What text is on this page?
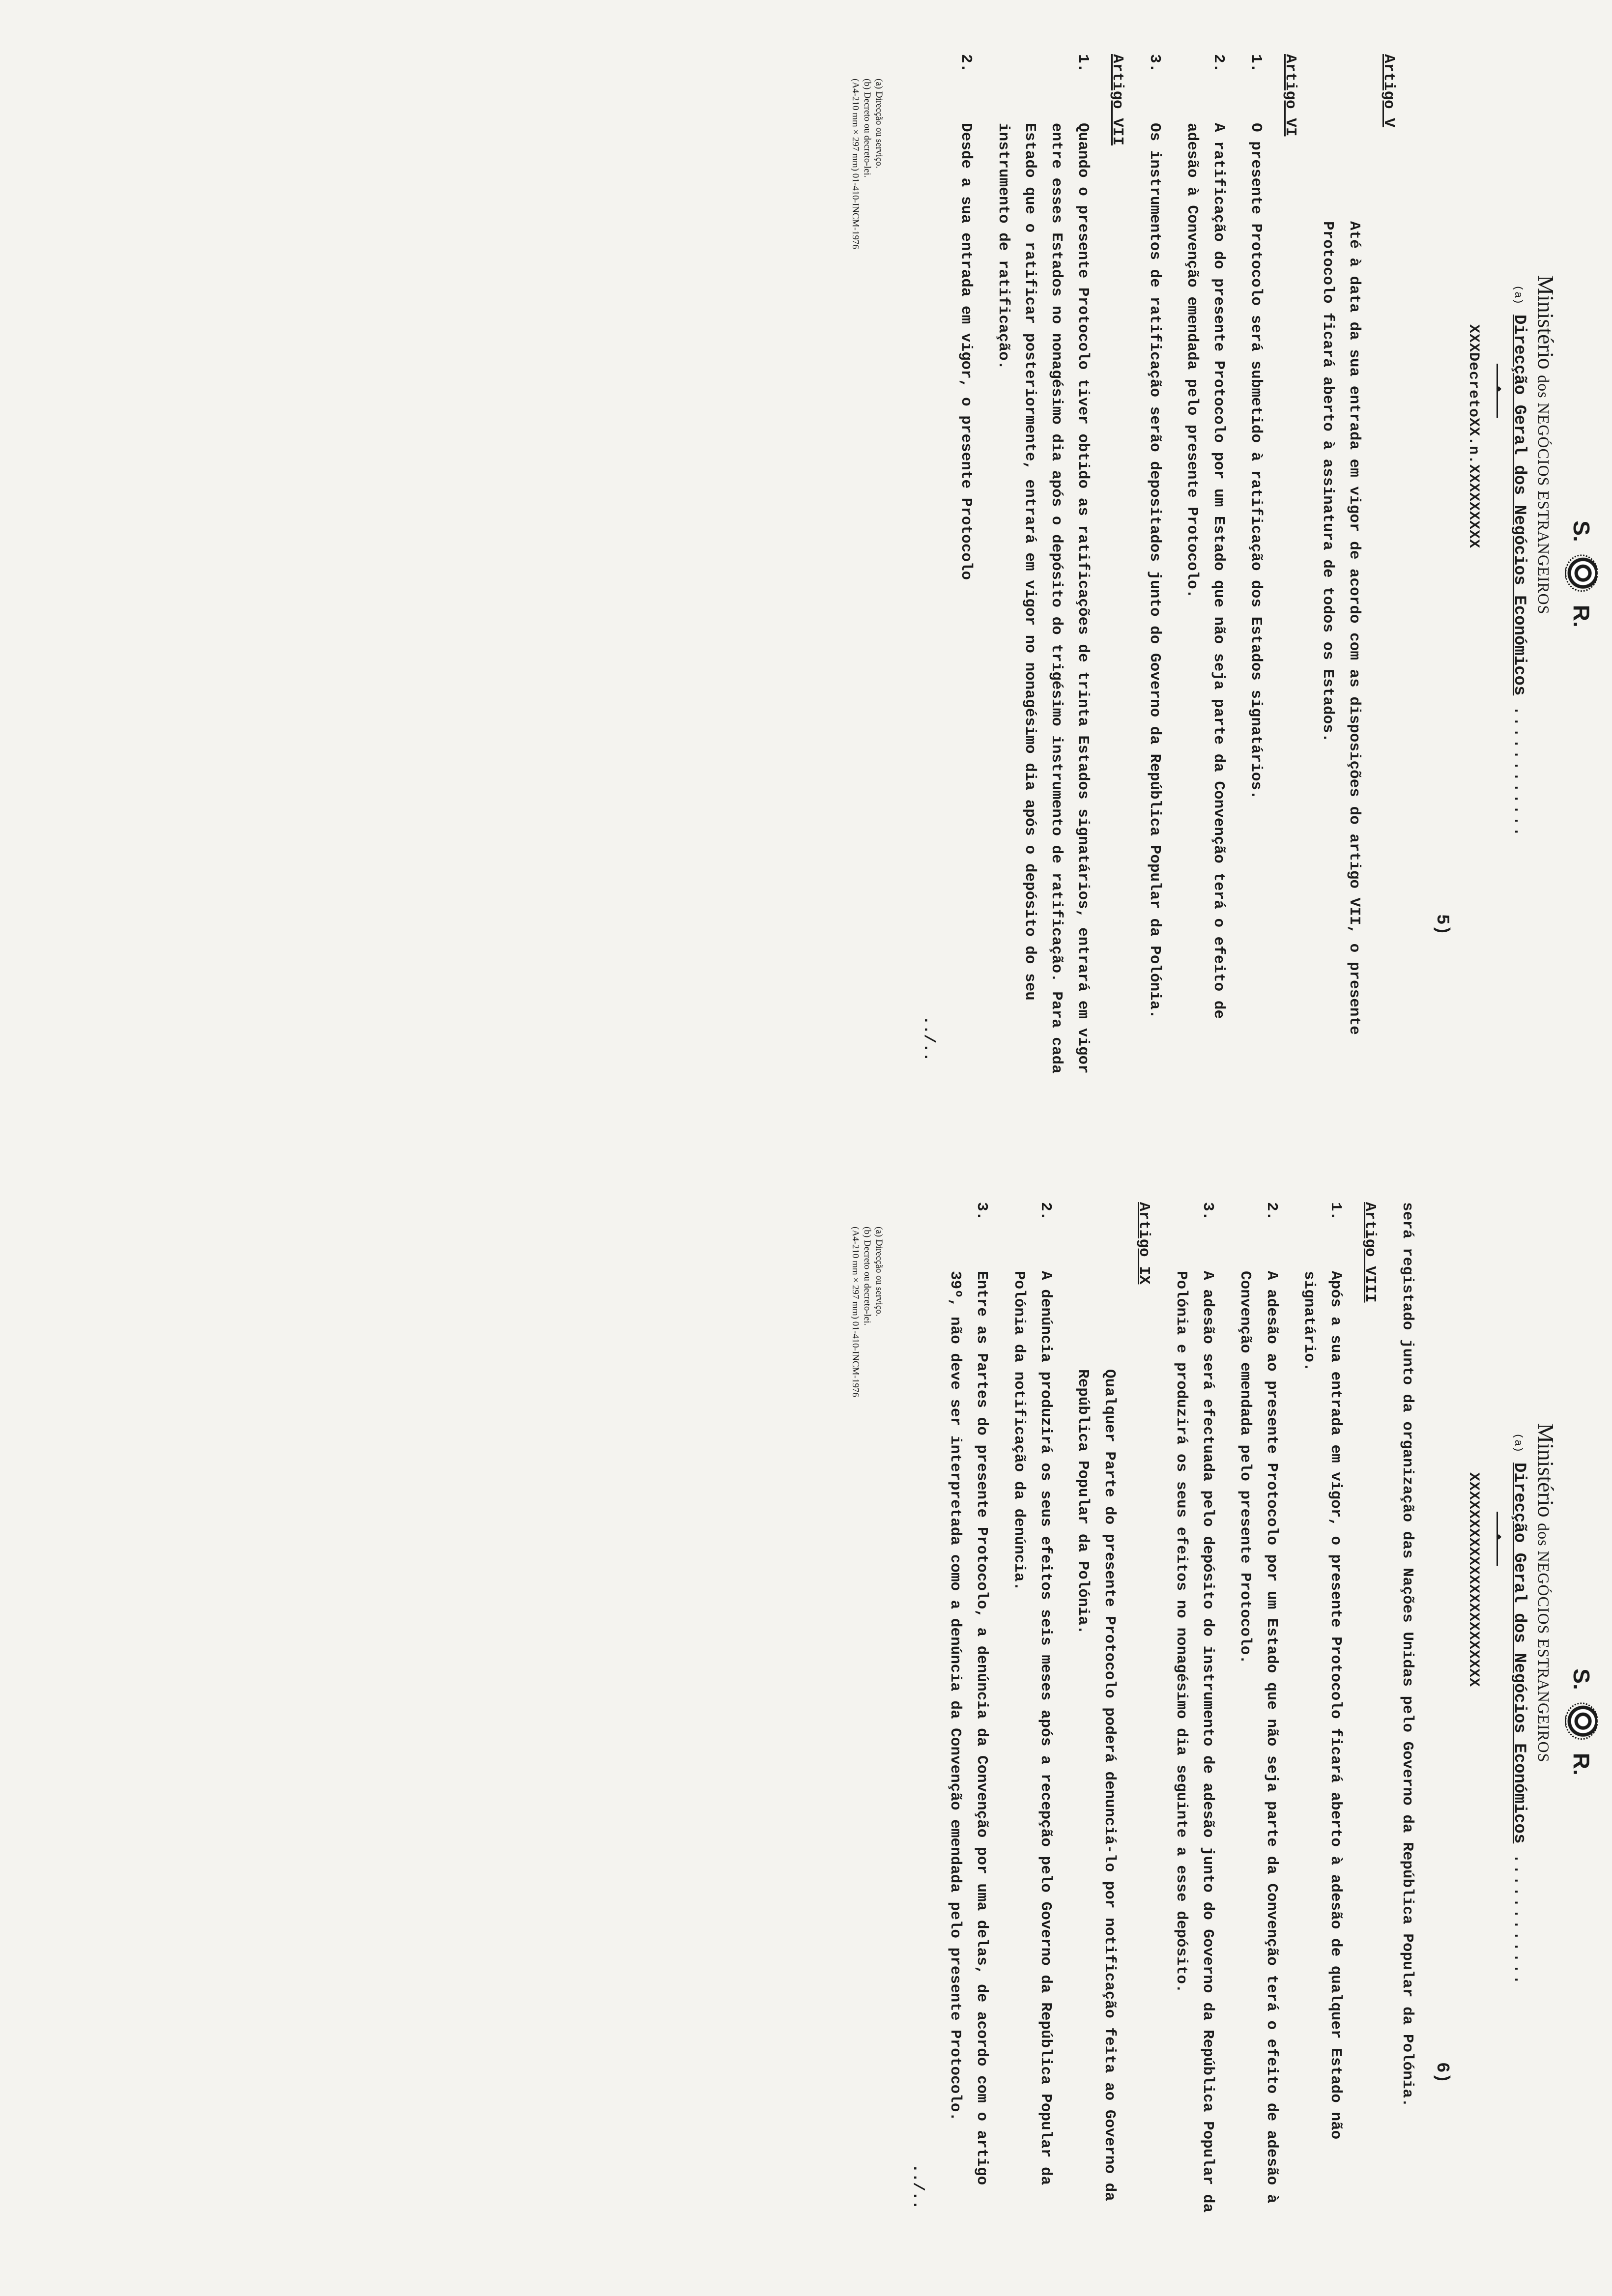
S.
R.
Ministério dos NEGÓCIOS ESTRANGEIROS
(a) Direcção Geral dos Negócios Económicos ............
◆
XXXDecretoXX.n.XXXXXXXXX
5)
Artigo V

Até à data da sua entrada em vigor de acordo com as disposições do artigo VII, o presente Protocolo ficará aberto à assinatura de todos os Estados.

Artigo VI
1.
O presente Protocolo será submetido à ratificação dos Estados signatários.
2.
A ratificação do presente Protocolo por um Estado que não seja parte da Convenção terá o efeito de adesão à Convenção emendada pelo presente Protocolo.
3.
Os instrumentos de ratificação serão depositados junto do Governo da República Popular da Polónia.
Artigo VII
1.
Quando o presente Protocolo tiver obtido as ratificações de trinta Estados signatários, entrará em vigor entre esses Estados no nonagésimo dia após o depósito do trigésimo instrumento de ratificação. Para cada Estado que o ratificar posteriormente, entrará em vigor no nonagésimo dia após o depósito do seu instrumento de ratificação.
2.
Desde a sua entrada em vigor, o presente Protocolo
../..
(a) Direcção ou serviço.
(b) Decreto ou decreto-lei.
(A4-210 mm × 297 mm) 01-410-INCM-1976
S.
R.
Ministério dos NEGÓCIOS ESTRANGEIROS
(a) Direcção Geral dos Negócios Económicos ............
◆
XXXXXXXXXXXXXXXXXXXXXXX
6)

será registado junto da organização das Nações Unidas pelo Governo da República Popular da Polónia.

Artigo VIII
1.
Após a sua entrada em vigor, o presente Protocolo ficará aberto à adesão de qualquer Estado não signatário.
2.
A adesão ao presente Protocolo por um Estado que não seja parte da Convenção terá o efeito de adesão à Convenção emendada pelo presente Protocolo.
3.
A adesão será efectuada pelo depósito do instrumento de adesão junto do Governo da República Popular da Polónia e produzirá os seus efeitos no nonagésimo dia seguinte a esse depósito.
Artigo IX

Qualquer Parte do presente Protocolo poderá denunciá-lo por notificação feita ao Governo da República Popular da Polónia.

2.
A denúncia produzirá os seus efeitos seis meses após a recepção pelo Governo da República Popular da Polónia da notificação da denúncia.
3.
Entre as Partes do presente Protocolo, a denúncia da Convenção por uma delas, de acordo com o artigo 39º, não deve ser interpretada como a denúncia da Convenção emendada pelo presente Protocolo.
../..
(a) Direcção ou serviço.
(b) Decreto ou decreto-lei.
(A4-210 mm × 297 mm) 01-410-INCM-1976
